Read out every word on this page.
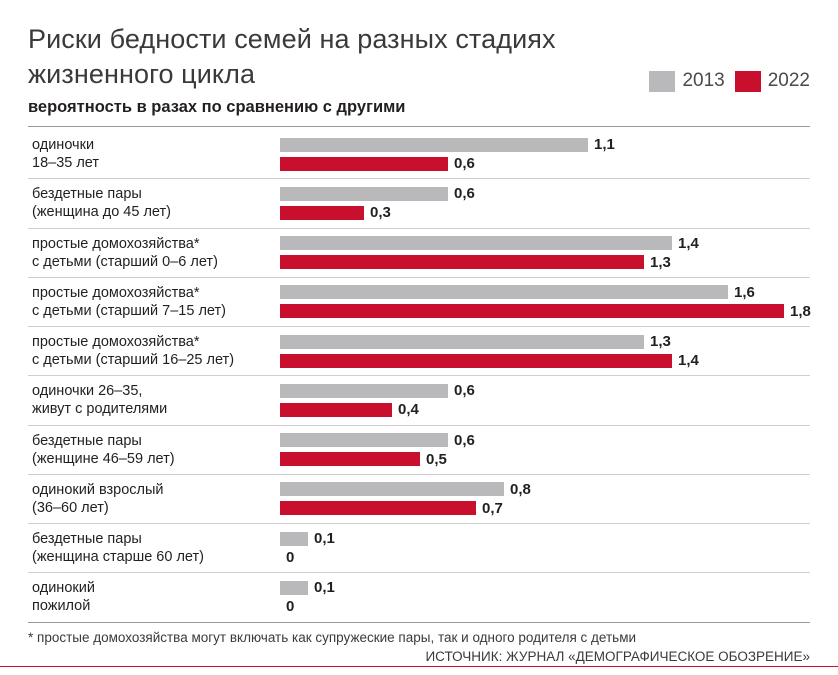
Риски бедности семей на разных стадиях жизненного цикла	2013 2022
вероятность в разах по сравнению с другими
одиночки
18–35 лет
1,1
0,6
бездетные пары
(женщина до 45 лет)
0,6
0,3
простые домохозяйства*
с детьми (старший 0–6 лет)
1,4
1,3
простые домохозяйства*
с детьми (старший 7–15 лет)
1,6
1,8
простые домохозяйства*
с детьми (старший 16–25 лет)
1,3
1,4
одиночки 26–35,
живут с родителями
0,6
0,4
бездетные пары
(женщине 46–59 лет)
0,6
0,5
одинокий взрослый
(36–60 лет)
0,8
0,7
бездетные пары
(женщина старше 60 лет)
0,1
0
одинокий
пожилой
0,1
0
* простые домохозяйства могут включать как супружеские пары, так и одного родителя с детьми
ИСТОЧНИК: ЖУРНАЛ «ДЕМОГРАФИЧЕСКОЕ ОБОЗРЕНИЕ»
